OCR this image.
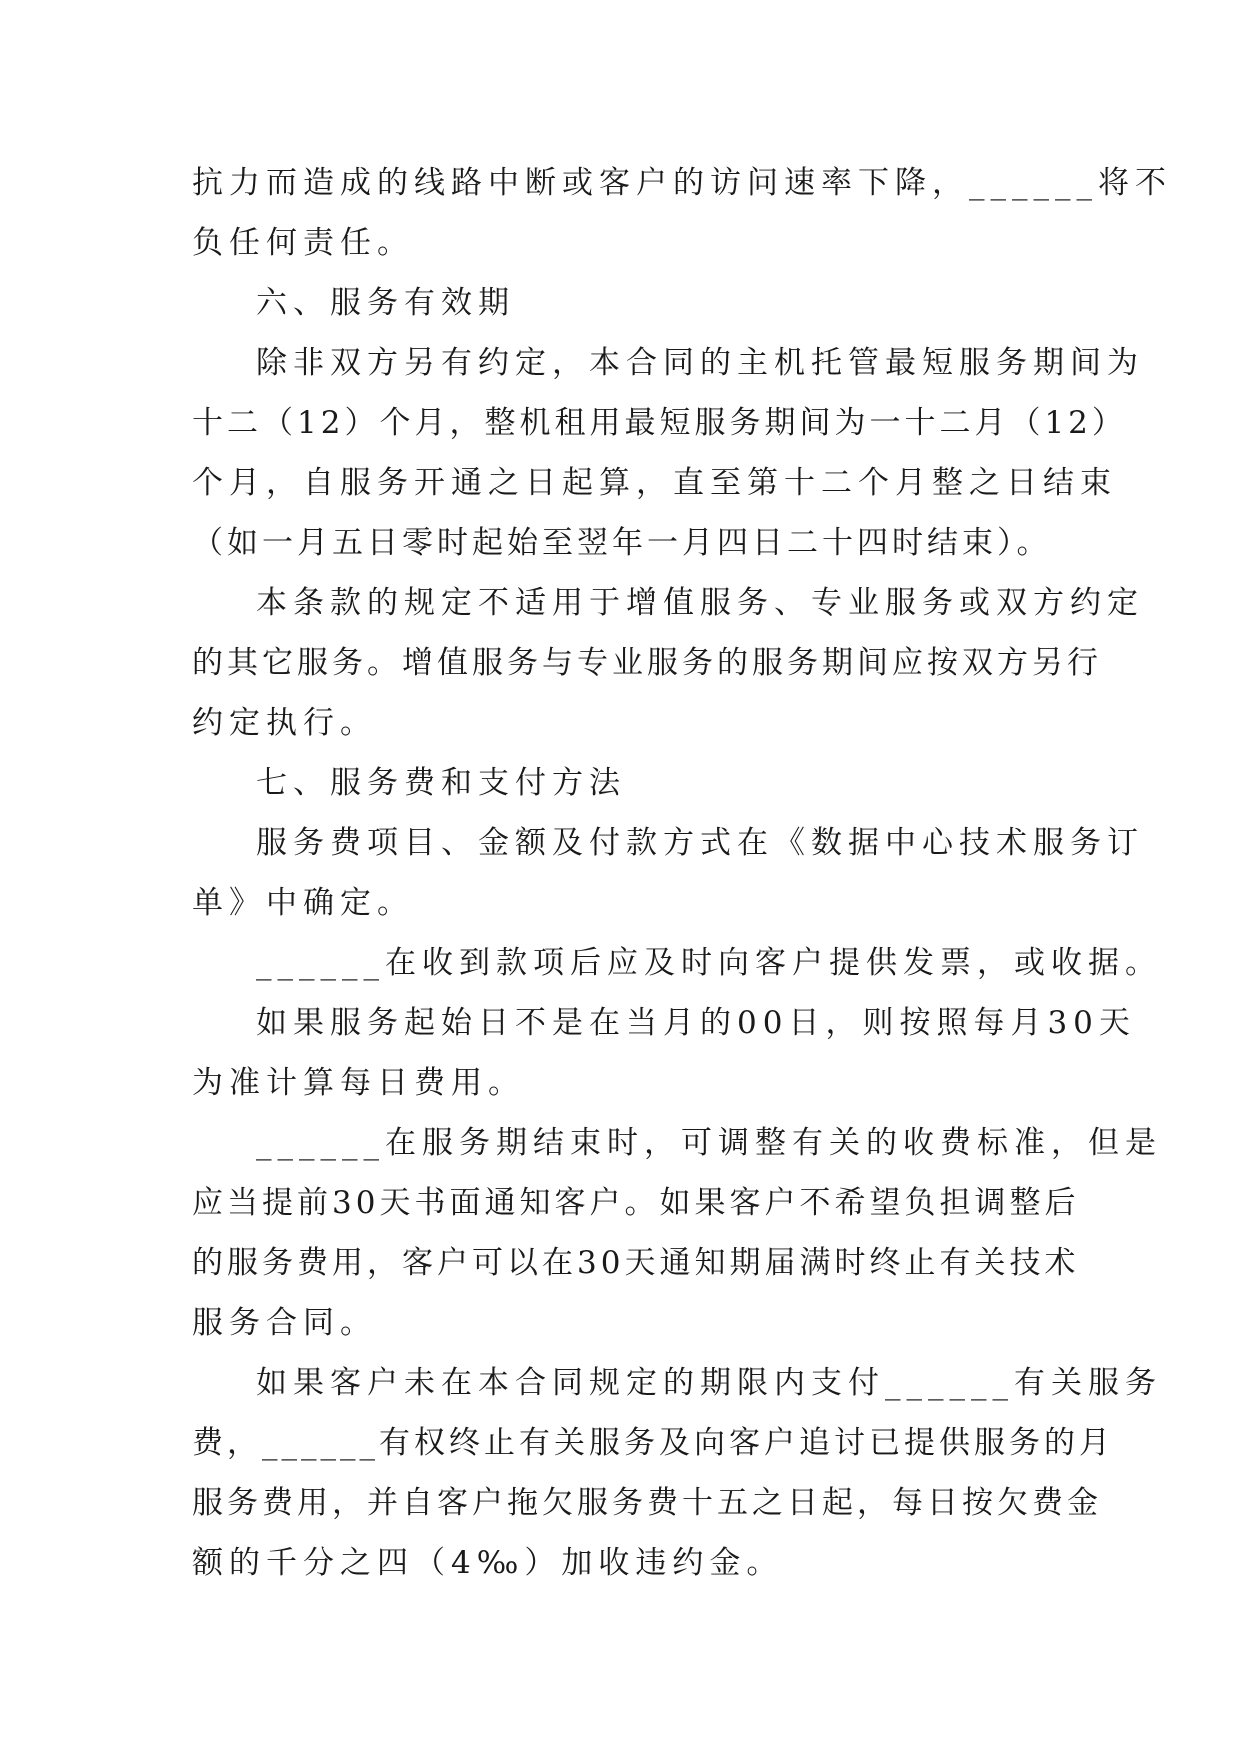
抗力而造成的线路中断或客户的访问速率下降，______将不
负任何责任。
六、服务有效期
除非双方另有约定，本合同的主机托管最短服务期间为
十二（12）个月，整机租用最短服务期间为一十二月（12）
个月，自服务开通之日起算，直至第十二个月整之日结束
（如一月五日零时起始至翌年一月四日二十四时结束）。
本条款的规定不适用于增值服务、专业服务或双方约定
的其它服务。增值服务与专业服务的服务期间应按双方另行
约定执行。
七、服务费和支付方法
服务费项目、金额及付款方式在《数据中心技术服务订
单》中确定。
______在收到款项后应及时向客户提供发票，或收据。
如果服务起始日不是在当月的00日，则按照每月30天
为准计算每日费用。
______在服务期结束时，可调整有关的收费标准，但是
应当提前30天书面通知客户。如果客户不希望负担调整后
的服务费用，客户可以在30天通知期届满时终止有关技术
服务合同。
如果客户未在本合同规定的期限内支付______有关服务
费，______有权终止有关服务及向客户追讨已提供服务的月
服务费用，并自客户拖欠服务费十五之日起，每日按欠费金
额的千分之四（4‰）加收违约金。
